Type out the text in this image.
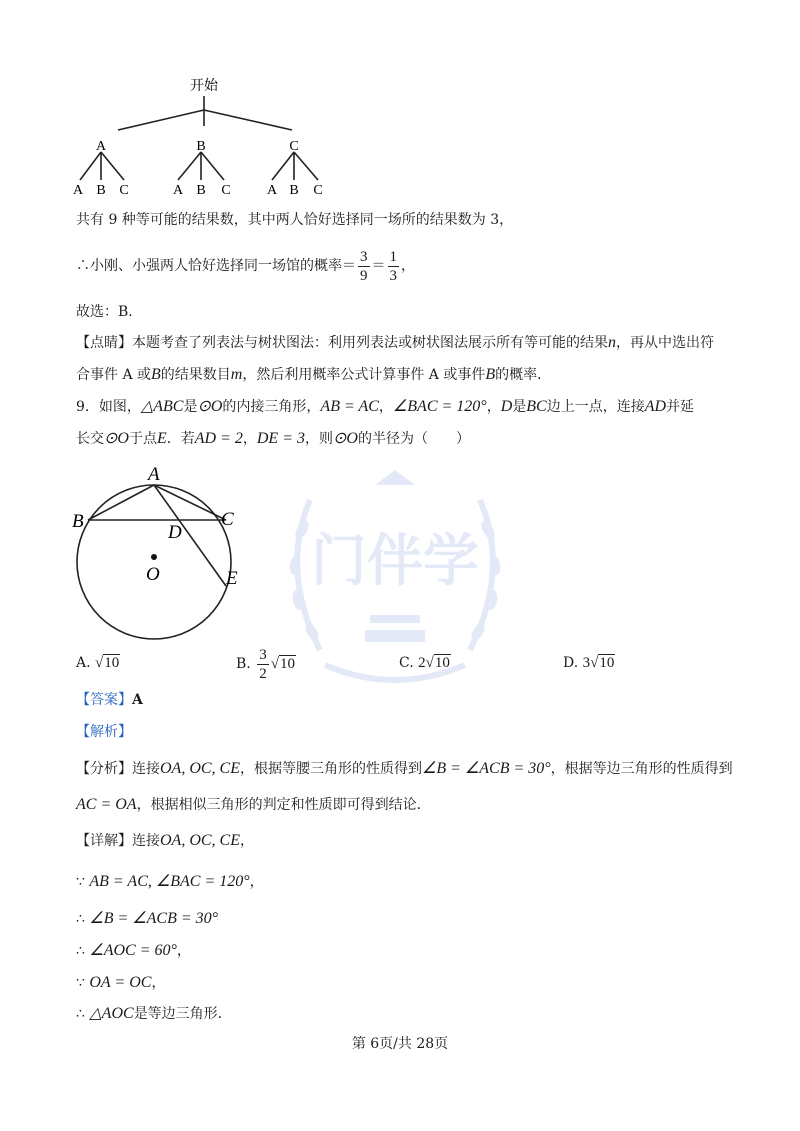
门伴学
开始
A	B	C
A B C	A B C	A B C
共有 9 种等可能的结果数，其中两人恰好选择同一场所的结果数为 3，
∴小刚、小强两人恰好选择同一场馆的概率＝ $\frac{3}{9} = \frac{1}{3}$ ，
故选：B．
【点睛】本题考查了列表法与树状图法：利用列表法或树状图法展示所有等可能的结果n，再从中选出符
合事件 A 或B的结果数目m，然后利用概率公式计算事件 A 或事件B的概率．
9．如图，△ABC是⊙O的内接三角形，AB = AC，∠BAC = 120°，D是BC边上一点，连接AD并延
长交⊙O于点E．若AD = 2，DE = 3，则⊙O的半径为（　　）
A
B	C
D
E
O
A. √10	B. $\frac{3}{2} √10$	C. 2√10	D. 3√10
【答案】A
【解析】
【分析】连接OA, OC, CE，根据等腰三角形的性质得到∠B = ∠ACB = 30°，根据等边三角形的性质得到
AC = OA，根据相似三角形的判定和性质即可得到结论．
【详解】连接OA, OC, CE，
∵ AB = AC, ∠BAC = 120°，
∴ ∠B = ∠ACB = 30°
∴ ∠AOC = 60°，
∵ OA = OC，
∴ △AOC是等边三角形.
第 6页/共 28页
